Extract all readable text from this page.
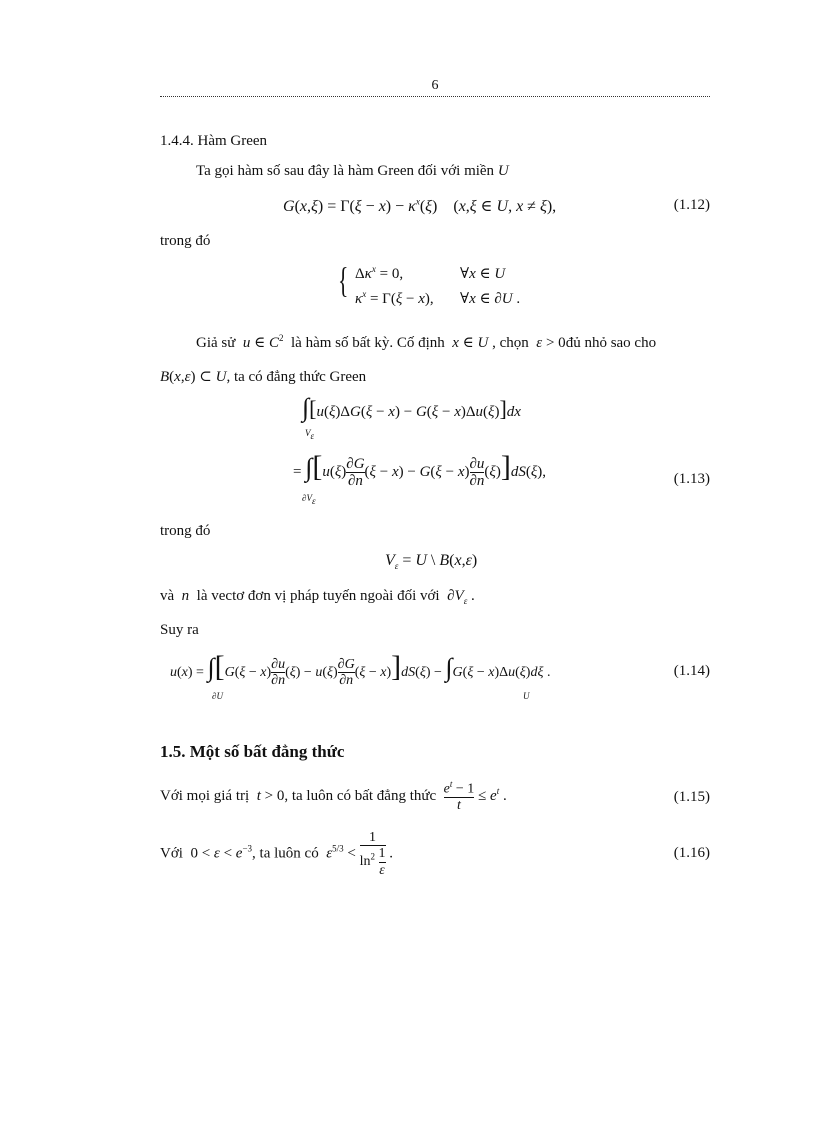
6
1.4.4. Hàm Green
Ta gọi hàm số sau đây là hàm Green đối với miền U
$G(x,\xi) = \Gamma(\xi - x) - \kappa^x(\xi)$    (x,ξ ∈ U, x ≠ ξ),	(1.12)
trong đó
{ $\Delta\kappa^x = 0$,	∀x ∈ U
$\kappa^x = \Gamma(\xi - x)$, ∀x ∈ ∂U .
Giả sử u ∈ $C^2$ là hàm số bất kỳ. Cố định x ∈ U , chọn ε > 0đủ nhỏ sao cho
B(x,ε) ⊂ U, ta có đẳng thức Green
∫[u(ξ)ΔG(ξ − x) − G(ξ − x)Δu(ξ)]dx
$V_\varepsilon$
= $\int[u(\xi) \frac{\partial G}{\partial n} (\xi - x) - G(\xi - x) \frac{\partial u}{\partial n} (\xi)]dS(\xi)$,
$\partial V_\varepsilon$
(1.13)
trong đó
$V_\varepsilon = U$ \ B(x,ε)
và n là vectơ đơn vị pháp tuyến ngoài đối với  $\partial V_\varepsilon$ .
Suy ra
$u(x) = \int[G(\xi - x) \frac{\partial u}{\partial n} (\xi) - u(\xi) \frac{\partial G}{\partial n} (\xi - x)]dS(\xi) - \int G(\xi - x)\Delta u(\xi)d\xi$ .
∂U	U
(1.14)
1.5. Một số bất đẳng thức
Với mọi giá trị t > 0, ta luôn có bất đẳng thức $\frac{e^t - 1}{t} \le e^t$ .	(1.15)
Với  $0 < \varepsilon < e^{-3}$, ta luôn có $\varepsilon^{5/3} < \frac{1}{\ln^2 \frac{1}{\varepsilon}}$ .	(1.16)
